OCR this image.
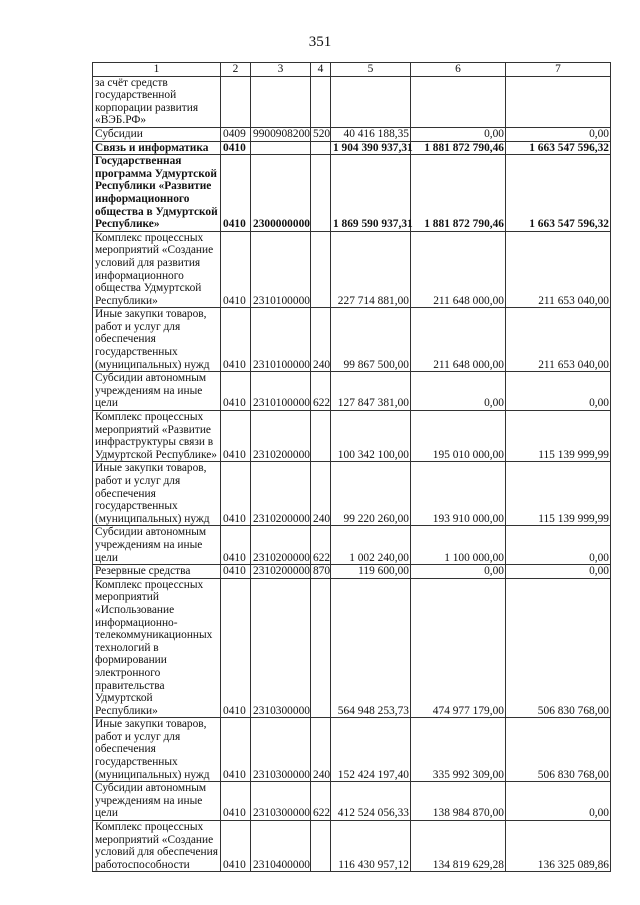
351
1	2	3	4	5	6	7
за счёт средств государственной корпорации развития «ВЭБ.РФ»						
Субсидии	0409	9900908200	520	40 416 188,35	0,00	0,00
Связь и информатика	0410			1 904 390 937,31	1 881 872 790,46	1 663 547 596,32
Государственная программа Удмуртской Республики «Развитие информационного общества в Удмуртской Республике»	0410	2300000000		1 869 590 937,31	1 881 872 790,46	1 663 547 596,32
Комплекс процессных мероприятий «Создание условий для развития информационного общества Удмуртской Республики»	0410	2310100000		227 714 881,00	211 648 000,00	211 653 040,00
Иные закупки товаров, работ и услуг для обеспечения государственных (муниципальных) нужд	0410	2310100000	240	99 867 500,00	211 648 000,00	211 653 040,00
Субсидии автономным учреждениям на иные цели	0410	2310100000	622	127 847 381,00	0,00	0,00
Комплекс процессных мероприятий «Развитие инфраструктуры связи в Удмуртской Республике»	0410	2310200000		100 342 100,00	195 010 000,00	115 139 999,99
Иные закупки товаров, работ и услуг для обеспечения государственных (муниципальных) нужд	0410	2310200000	240	99 220 260,00	193 910 000,00	115 139 999,99
Субсидии автономным учреждениям на иные цели	0410	2310200000	622	1 002 240,00	1 100 000,00	0,00
Резервные средства	0410	2310200000	870	119 600,00	0,00	0,00
Комплекс процессных мероприятий «Использование информационно-телекоммуникационных технологий в формировании электронного правительства Удмуртской Республики»	0410	2310300000		564 948 253,73	474 977 179,00	506 830 768,00
Иные закупки товаров, работ и услуг для обеспечения государственных (муниципальных) нужд	0410	2310300000	240	152 424 197,40	335 992 309,00	506 830 768,00
Субсидии автономным учреждениям на иные цели	0410	2310300000	622	412 524 056,33	138 984 870,00	0,00
Комплекс процессных мероприятий «Создание условий для обеспечения работоспособности	0410	2310400000		116 430 957,12	134 819 629,28	136 325 089,86
